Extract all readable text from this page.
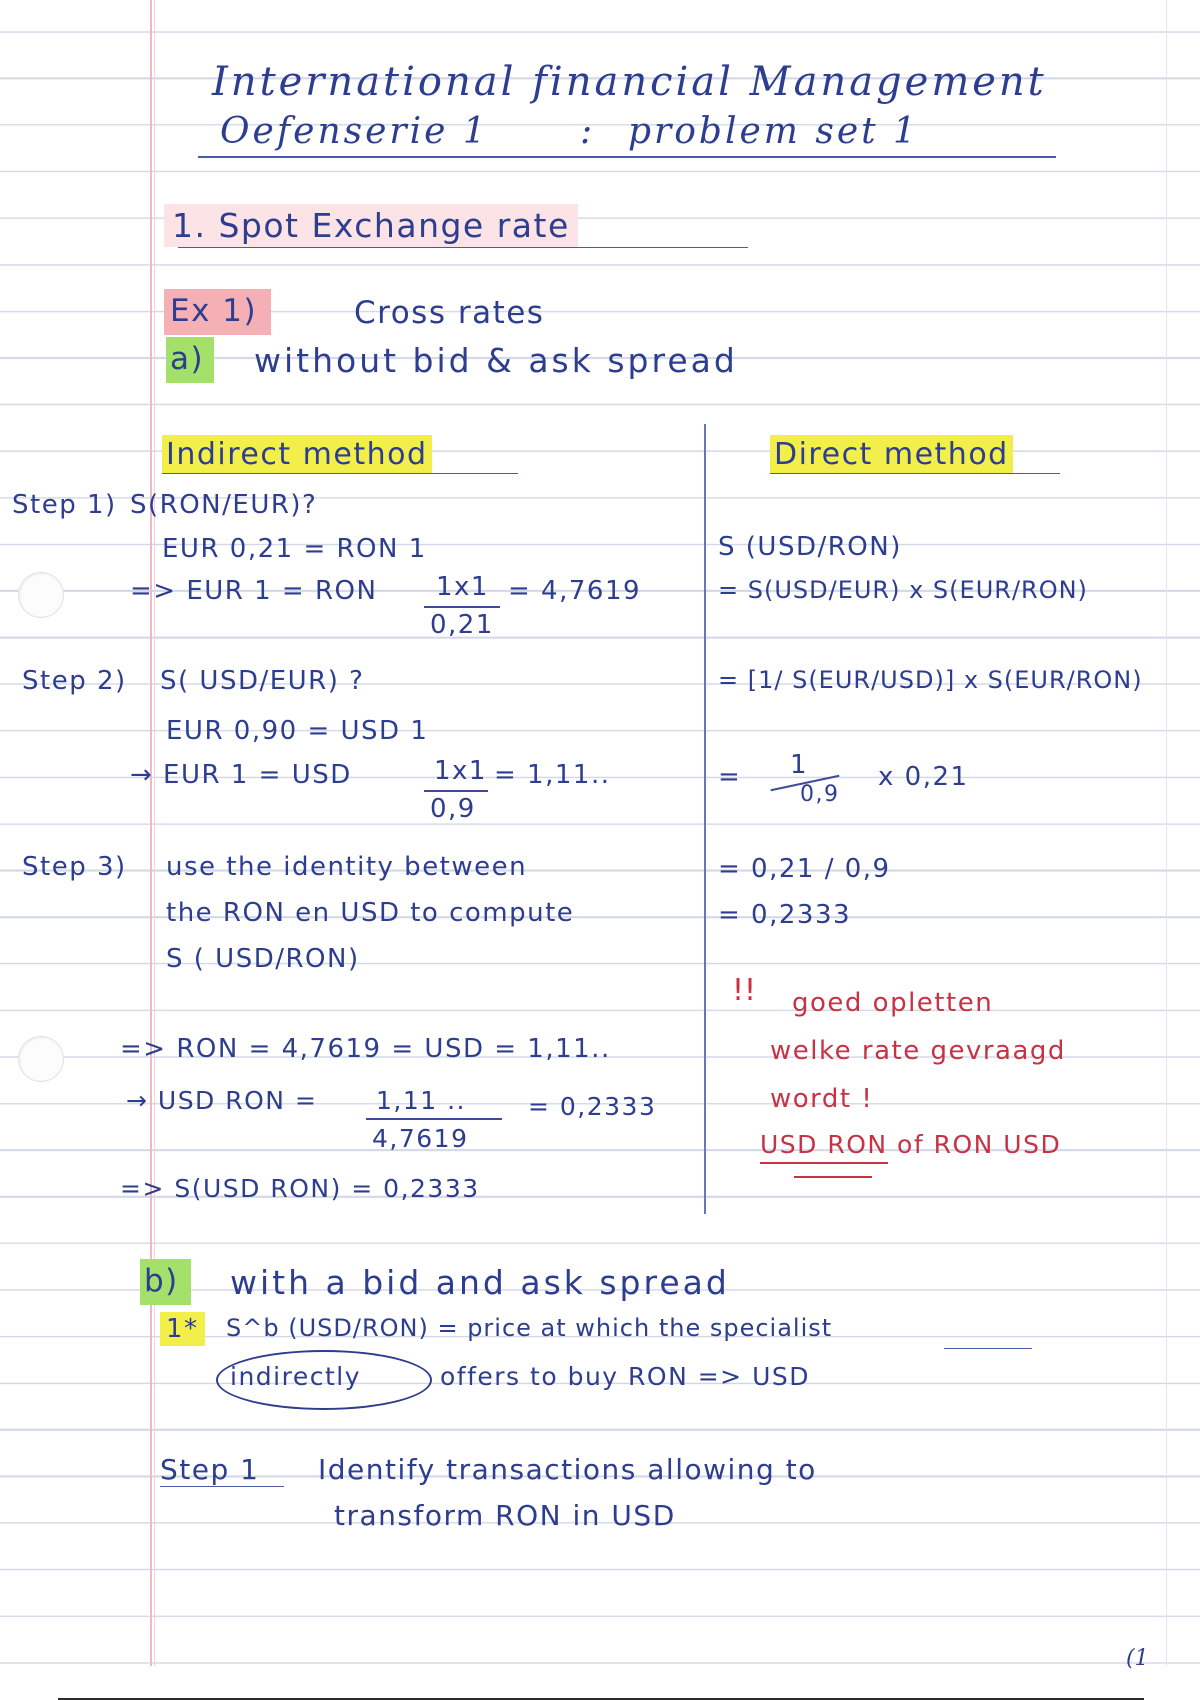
International financial Management
Oefenserie 1	: problem set 1
1. Spot Exchange rate
Ex 1)	Cross rates
a)	without bid & ask spread
Indirect method
Step 1) S(RON/EUR)?
EUR 0,21 = RON 1
=> EUR 1 = RON 1x1
0,21
= 4,7619
Step 2) S( USD/EUR) ?
EUR 0,90 = USD 1
→ EUR 1 = USD	1x1
0,9
= 1,11..
Step 3) use the identity between
the RON en USD to compute
S ( USD/RON)
=> RON = 4,7619 = USD = 1,11..
→ USD RON = 1,11 ..
4,7619
= 0,2333
=> S(USD RON) = 0,2333
Direct method
S (USD/RON)
= S(USD/EUR) x S(EUR/RON)
= [1/ S(EUR/USD)] x S(EUR/RON)
= 1
0,9
x 0,21
= 0,21 / 0,9
= 0,2333
!! goed opletten
welke rate gevraagd
wordt !
USD RON of RON USD
b)	with a bid and ask spread
1* S^b (USD/RON) = price at which the specialist
indirectly	offers to buy RON => USD
Step 1 Identify transactions allowing to
transform RON in USD
(1
